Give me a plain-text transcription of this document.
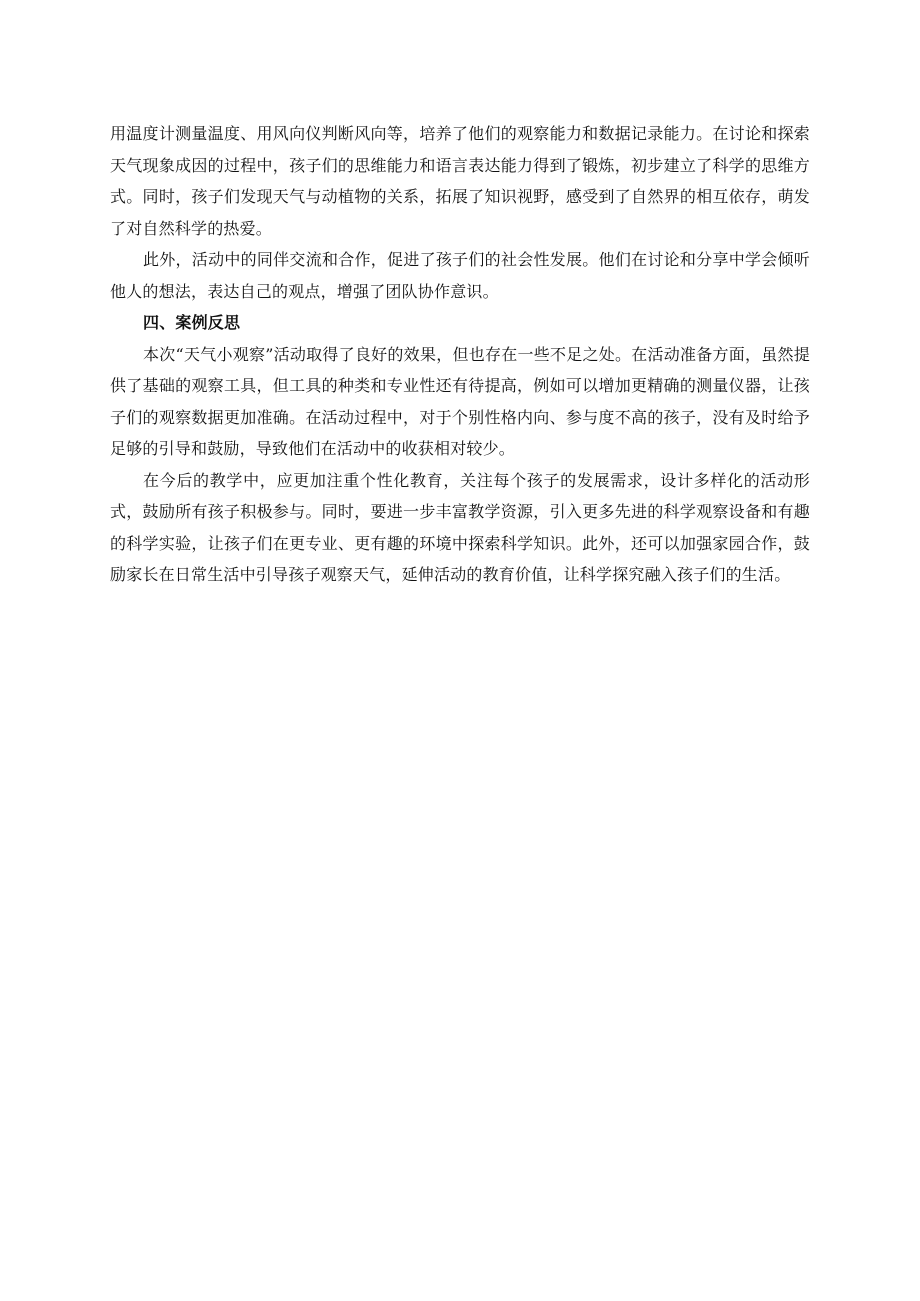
用温度计测量温度、用风向仪判断风向等，培养了他们的观察能力和数据记录能力。在讨论和探索天气现象成因的过程中，孩子们的思维能力和语言表达能力得到了锻炼，初步建立了科学的思维方式。同时，孩子们发现天气与动植物的关系，拓展了知识视野，感受到了自然界的相互依存，萌发了对自然科学的热爱。

此外，活动中的同伴交流和合作，促进了孩子们的社会性发展。他们在讨论和分享中学会倾听他人的想法，表达自己的观点，增强了团队协作意识。

四、案例反思

本次“天气小观察”活动取得了良好的效果，但也存在一些不足之处。在活动准备方面，虽然提供了基础的观察工具，但工具的种类和专业性还有待提高，例如可以增加更精确的测量仪器，让孩子们的观察数据更加准确。在活动过程中，对于个别性格内向、参与度不高的孩子，没有及时给予足够的引导和鼓励，导致他们在活动中的收获相对较少。

在今后的教学中，应更加注重个性化教育，关注每个孩子的发展需求，设计多样化的活动形式，鼓励所有孩子积极参与。同时，要进一步丰富教学资源，引入更多先进的科学观察设备和有趣的科学实验，让孩子们在更专业、更有趣的环境中探索科学知识。此外，还可以加强家园合作，鼓励家长在日常生活中引导孩子观察天气，延伸活动的教育价值，让科学探究融入孩子们的生活。
